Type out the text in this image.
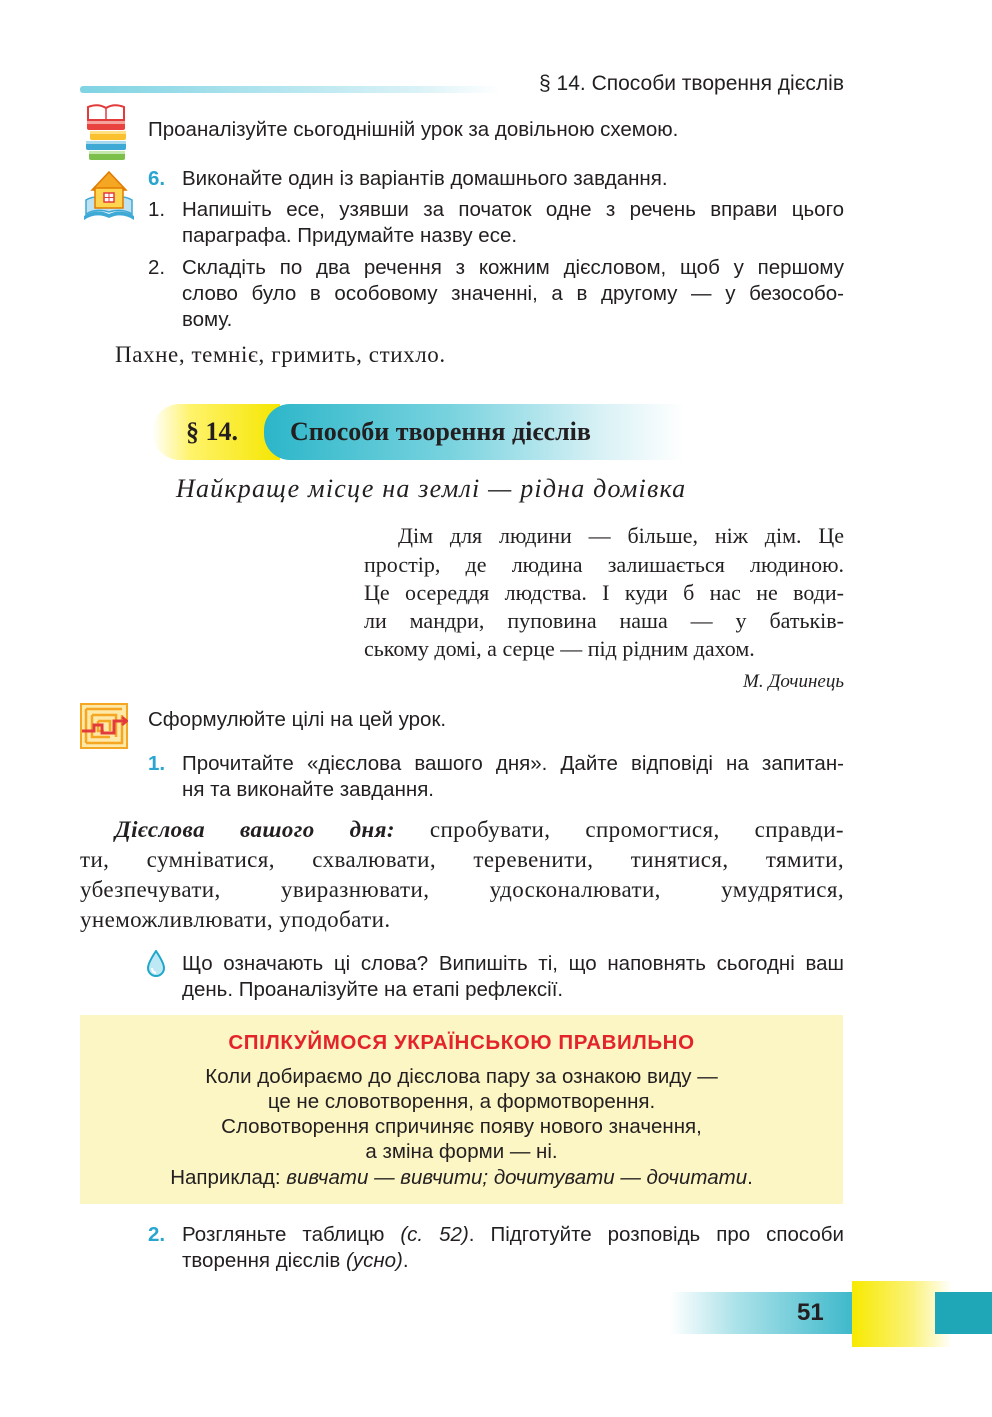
§ 14. Способи творення дієслів
Проаналізуйте сьогоднішній урок за довільною схемою.
6. Виконайте один із варіантів домашнього завдання.
1. Напишіть есе, узявши за початок одне з речень вправи цього
параграфа. Придумайте назву есе.
2. Складіть по два речення з кожним дієсловом, щоб у першому
слово було в особовому значенні, а в другому — у безособо-
вому.
Пахне, темніє, гримить, стихло.
§ 14. Способи творення дієслів
Найкраще місце на землі — рідна домівка
Дім для людини — більше, ніж дім. Це
простір, де людина залишається людиною.
Це осереддя людства. І куди б нас не води-
ли мандри, пуповина наша — у батьків-
ському домі, а серце — під рідним дахом.
М. Дочинець
Сформулюйте цілі на цей урок.
1. Прочитайте «дієслова вашого дня». Дайте відповіді на запитан-
ня та виконайте завдання.
Дієслова вашого дня: спробувати, спромогтися, справди-
ти, сумніватися, схвалювати, теревенити, тинятися, тямити,
убезпечувати, увиразнювати, удосконалювати, умудрятися,
унеможливлювати, уподобати.
Що означають ці слова? Випишіть ті, що наповнять сьогодні ваш
день. Проаналізуйте на етапі рефлексії.
СПІЛКУЙМОСЯ УКРАЇНСЬКОЮ ПРАВИЛЬНО
Коли добираємо до дієслова пару за ознакою виду —
це не словотворення, а формотворення.
Словотворення спричиняє появу нового значення,
а зміна форми — ні.
Наприклад: вивчати — вивчити; дочитувати — дочитати.
2. Розгляньте таблицю (с. 52). Підготуйте розповідь про способи
творення дієслів (усно).
51
